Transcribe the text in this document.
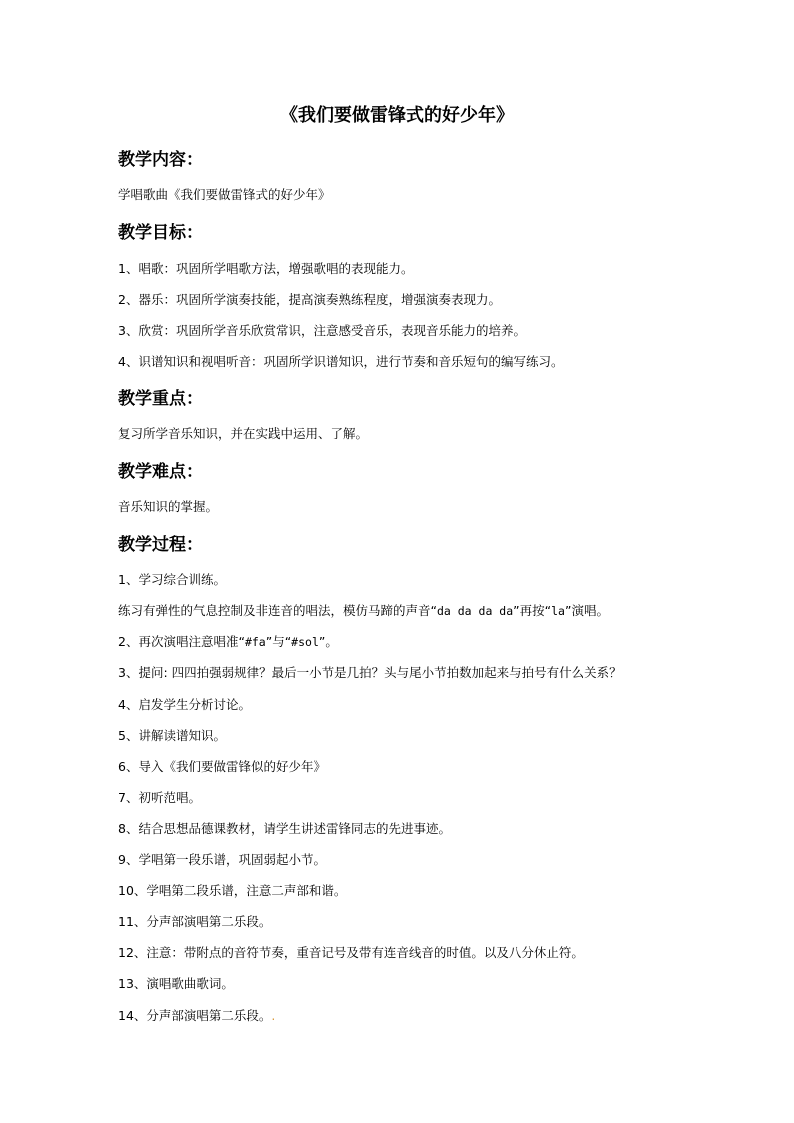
《我们要做雷锋式的好少年》
教学内容：
学唱歌曲《我们要做雷锋式的好少年》
教学目标：
1、唱歌：巩固所学唱歌方法，增强歌唱的表现能力。
2、器乐：巩固所学演奏技能，提高演奏熟练程度，增强演奏表现力。
3、欣赏：巩固所学音乐欣赏常识，注意感受音乐，表现音乐能力的培养。
4、识谱知识和视唱听音：巩固所学识谱知识，进行节奏和音乐短句的编写练习。
教学重点：
复习所学音乐知识，并在实践中运用、了解。
教学难点：
音乐知识的掌握。
教学过程：
1、学习综合训练。
练习有弹性的气息控制及非连音的唱法，模仿马蹄的声音“da da da da”再按“la”演唱。
2、再次演唱注意唱准“#fa”与“#sol”。
3、提问: 四四拍强弱规律？最后一小节是几拍？头与尾小节拍数加起来与拍号有什么关系？
4、启发学生分析讨论。
5、讲解读谱知识。
6、导入《我们要做雷锋似的好少年》
7、初听范唱。
8、结合思想品德课教材，请学生讲述雷锋同志的先进事迹。
9、学唱第一段乐谱，巩固弱起小节。
10、学唱第二段乐谱，注意二声部和谐。
11、分声部演唱第二乐段。
12、注意：带附点的音符节奏，重音记号及带有连音线音的时值。以及八分休止符。
13、演唱歌曲歌词。
14、分声部演唱第二乐段。.
